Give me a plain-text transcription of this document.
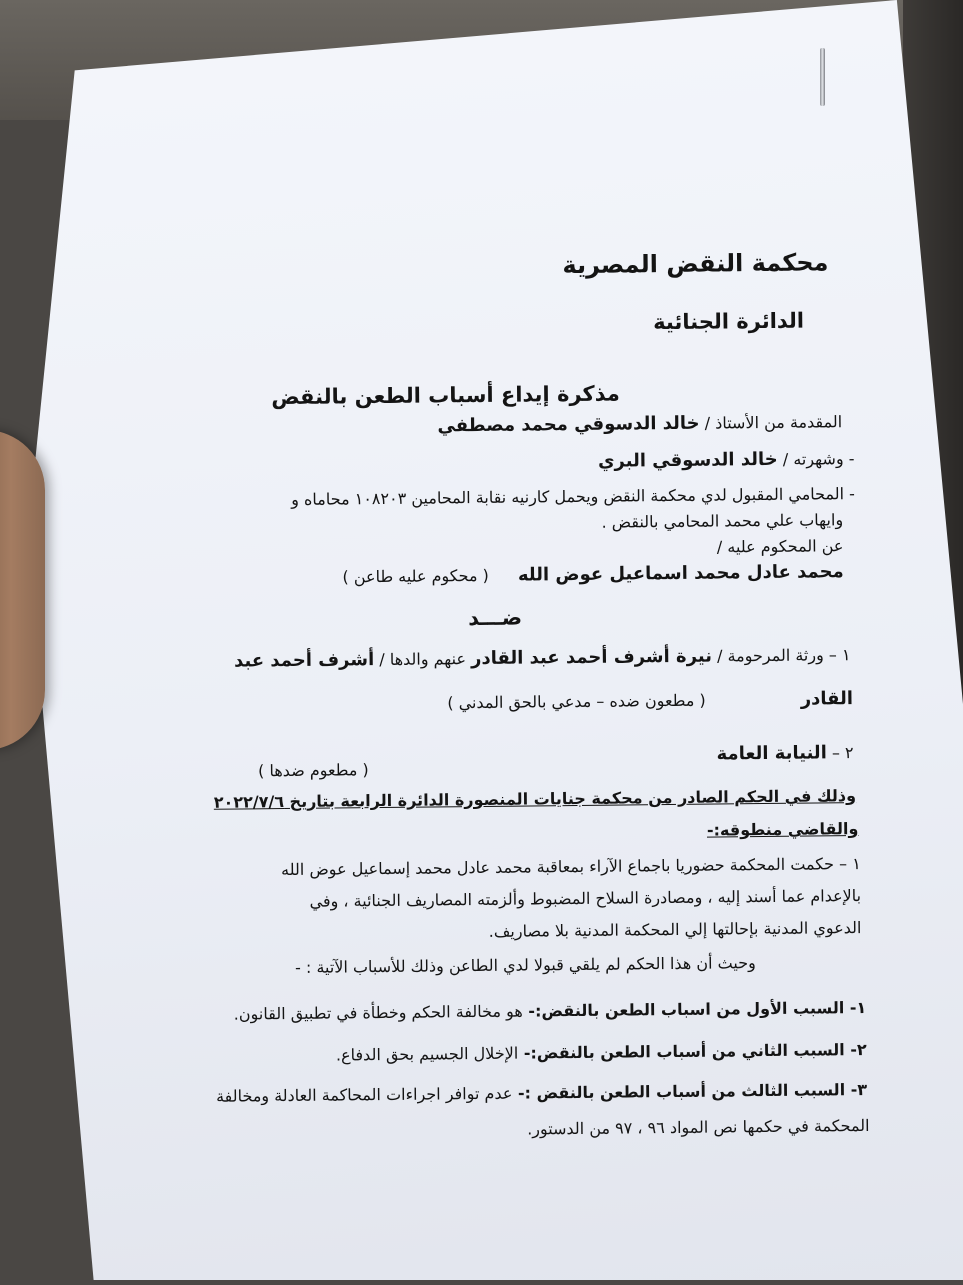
محكمة النقض المصرية
الدائرة الجنائية
مذكرة إيداع أسباب الطعن بالنقض
المقدمة من الأستاذ / خالد الدسوقي محمد مصطفي
- وشهرته / خالد الدسوقي البري
- المحامي المقبول لدي محكمة النقض ويحمل كارنيه نقابة المحامين ١٠٨٢٠٣ محاماه و
وايهاب علي محمد المحامي بالنقض .
عن المحكوم عليه /
محمد عادل محمد اسماعيل عوض الله ( محكوم عليه طاعن )
ضـــد
١ – ورثة المرحومة / نيرة أشرف أحمد عبد القادر عنهم والدها / أشرف أحمد عبد
القادر ( مطعون ضده – مدعي بالحق المدني )
٢ – النيابة العامة
( مطعوم ضدها )
وذلك في الحكم الصادر من محكمة جنايات المنصورة الدائرة الرابعة بتاريخ ٢٠٢٢/٧/٦
والقاضي منطوقه:-
١ – حكمت المحكمة حضوريا باجماع الآراء بمعاقبة محمد عادل محمد إسماعيل عوض الله
بالإعدام عما أسند إليه ، ومصادرة السلاح المضبوط وألزمته المصاريف الجنائية ، وفي
الدعوي المدنية بإحالتها إلي المحكمة المدنية بلا مصاريف.
وحيث أن هذا الحكم لم يلقي قبولا لدي الطاعن وذلك للأسباب الآتية : -
١- السبب الأول من اسباب الطعن بالنقض:- هو مخالفة الحكم وخطأة في تطبيق القانون.
٢- السبب الثاني من أسباب الطعن بالنقض:- الإخلال الجسيم بحق الدفاع.
٣- السبب الثالث من أسباب الطعن بالنقض :- عدم توافر اجراءات المحاكمة العادلة ومخالفة
المحكمة في حكمها نص المواد ٩٦ ، ٩٧ من الدستور.
